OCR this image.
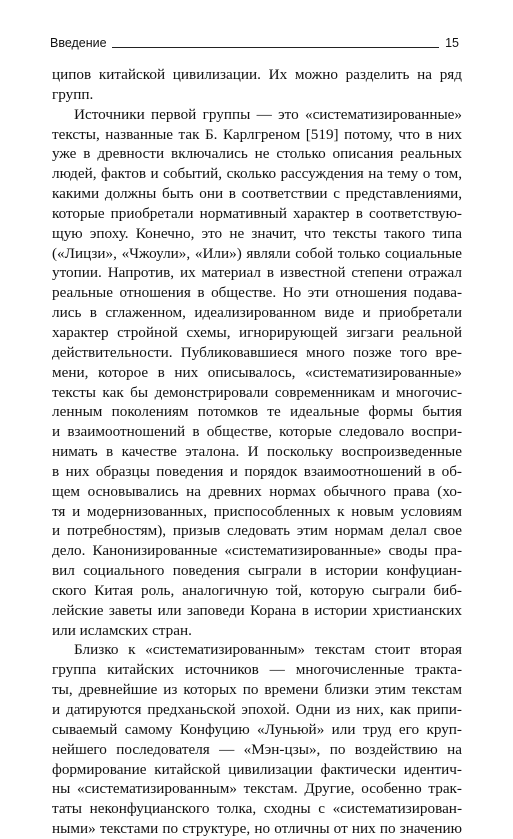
Введение	15

ципов китайской цивилизации. Их можно разделить на ряд
групп.

Источники первой группы — это «систематизированные»
тексты, названные так Б. Карлгреном [519] потому, что в них
уже в древности включались не столько описания реальных
людей, фактов и событий, сколько рассуждения на тему о том,
какими должны быть они в соответствии с представлениями,
которые приобретали нормативный характер в соответствую-
щую эпоху. Конечно, это не значит, что тексты такого типа
(«Лицзи», «Чжоули», «Или») являли собой только социальные
утопии. Напротив, их материал в известной степени отражал
реальные отношения в обществе. Но эти отношения подава-
лись в сглаженном, идеализированном виде и приобретали
характер стройной схемы, игнорирующей зигзаги реальной
действительности. Публиковавшиеся много позже того вре-
мени, которое в них описывалось, «систематизированные»
тексты как бы демонстрировали современникам и многочис-
ленным поколениям потомков те идеальные формы бытия
и взаимоотношений в обществе, которые следовало воспри-
нимать в качестве эталона. И поскольку воспроизведенные
в них образцы поведения и порядок взаимоотношений в об-
щем основывались на древних нормах обычного права (хо-
тя и модернизованных, приспособленных к новым условиям
и потребностям), призыв следовать этим нормам делал свое
дело. Канонизированные «систематизированные» своды пра-
вил социального поведения сыграли в истории конфуциан-
ского Китая роль, аналогичную той, которую сыграли биб-
лейские заветы или заповеди Корана в истории христианских
или исламских стран.

Близко к «систематизированным» текстам стоит вторая
группа китайских источников — многочисленные тракта-
ты, древнейшие из которых по времени близки этим текстам
и датируются предханьской эпохой. Одни из них, как припи-
сываемый самому Конфуцию «Луньюй» или труд его круп-
нейшего последователя — «Мэн-цзы», по воздействию на
формирование китайской цивилизации фактически идентич-
ны «систематизированным» текстам. Другие, особенно трак-
таты неконфуцианского толка, сходны с «систематизирован-
ными» текстами по структуре, но отличны от них по значению
